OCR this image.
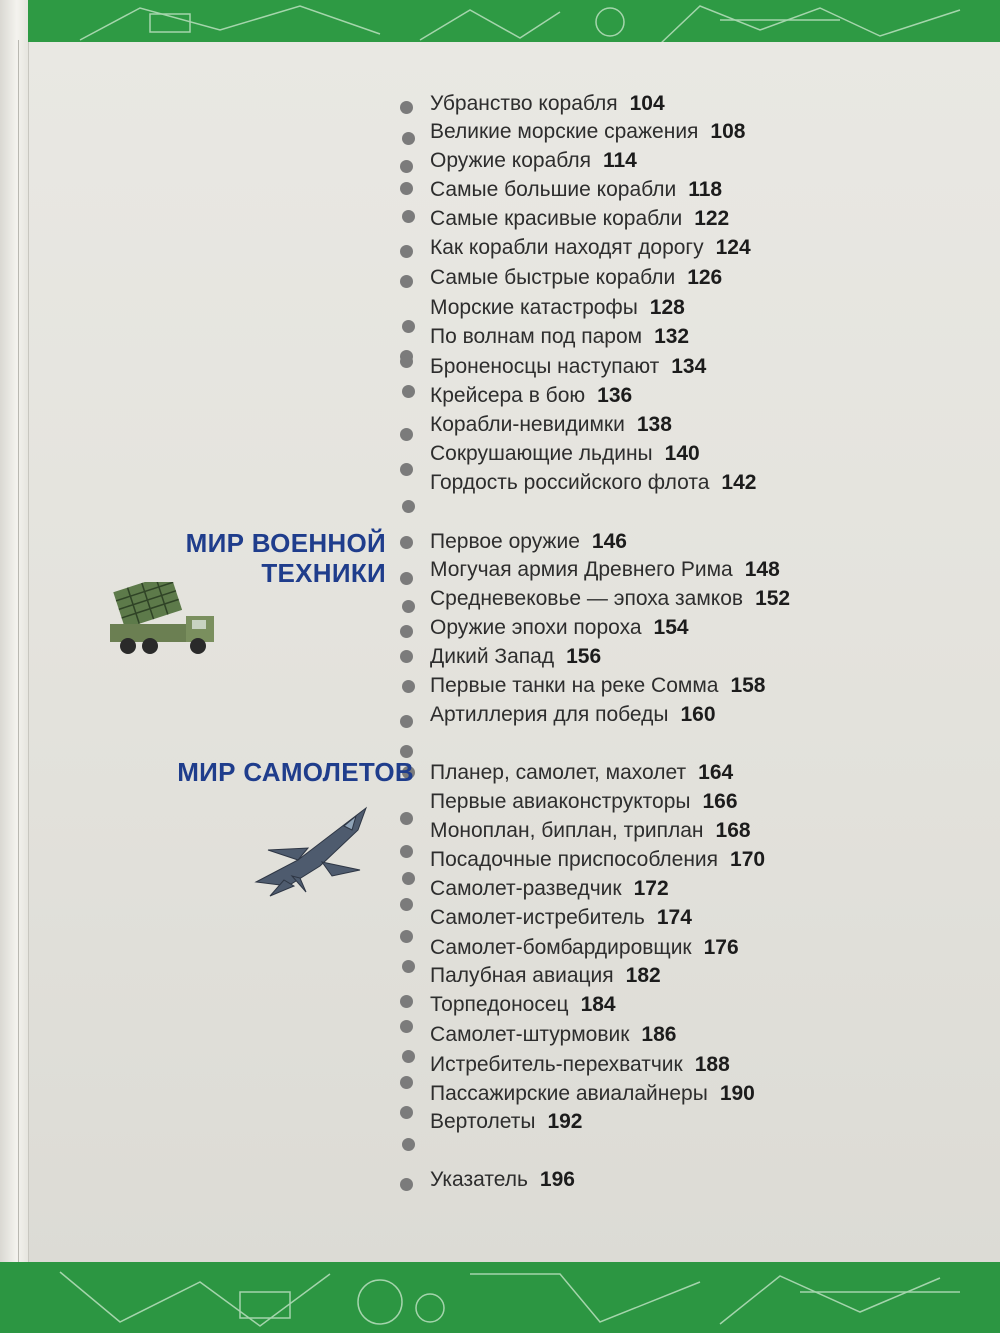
Убранство корабля 104
Великие морские сражения 108
Оружие корабля 114
Самые большие корабли 118
Самые красивые корабли 122
Как корабли находят дорогу 124
Самые быстрые корабли 126
Морские катастрофы 128
По волнам под паром 132
Броненосцы наступают 134
Крейсера в бою 136
Корабли-невидимки 138
Сокрушающие льдины 140
Гордость российского флота 142
Первое оружие 146
Могучая армия Древнего Рима 148
Средневековье — эпоха замков 152
Оружие эпохи пороха 154
Дикий Запад 156
Первые танки на реке Сомма 158
Артиллерия для победы 160
Планер, самолет, махолет 164
Первые авиаконструкторы 166
Моноплан, биплан, триплан 168
Посадочные приспособления 170
Самолет-разведчик 172
Самолет-истребитель 174
Самолет-бомбардировщик 176
Палубная авиация 182
Торпедоносец 184
Самолет-штурмовик 186
Истребитель-перехватчик 188
Пассажирские авиалайнеры 190
Вертолеты 192
Указатель 196
МИР ВОЕННОЙ
ТЕХНИКИ
МИР САМОЛЕТОВ
